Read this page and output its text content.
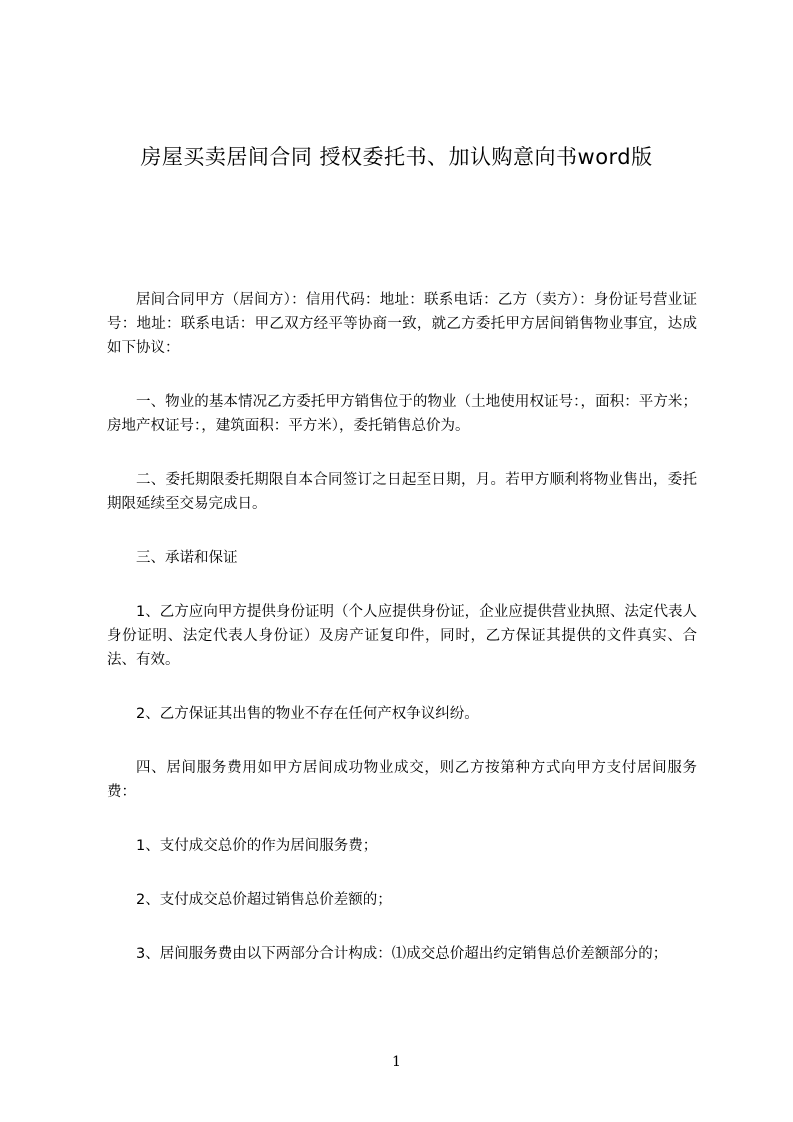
房屋买卖居间合同 授权委托书、加认购意向书word版

居间合同甲方（居间方）：信用代码：地址：联系电话：乙方（卖方）：身份证号营业证号：地址：联系电话：甲乙双方经平等协商一致，就乙方委托甲方居间销售物业事宜，达成如下协议：

一、物业的基本情况乙方委托甲方销售位于的物业（土地使用权证号：，面积：平方米；房地产权证号：，建筑面积：平方米），委托销售总价为。

二、委托期限委托期限自本合同签订之日起至日期，月。若甲方顺利将物业售出，委托期限延续至交易完成日。

三、承诺和保证

1、乙方应向甲方提供身份证明（个人应提供身份证，企业应提供营业执照、法定代表人身份证明、法定代表人身份证）及房产证复印件，同时，乙方保证其提供的文件真实、合法、有效。

2、乙方保证其出售的物业不存在任何产权争议纠纷。

四、居间服务费用如甲方居间成功物业成交，则乙方按第种方式向甲方支付居间服务费：

1、支付成交总价的作为居间服务费；

2、支付成交总价超过销售总价差额的；

3、居间服务费由以下两部分合计构成：⑴成交总价超出约定销售总价差额部分的；

1
